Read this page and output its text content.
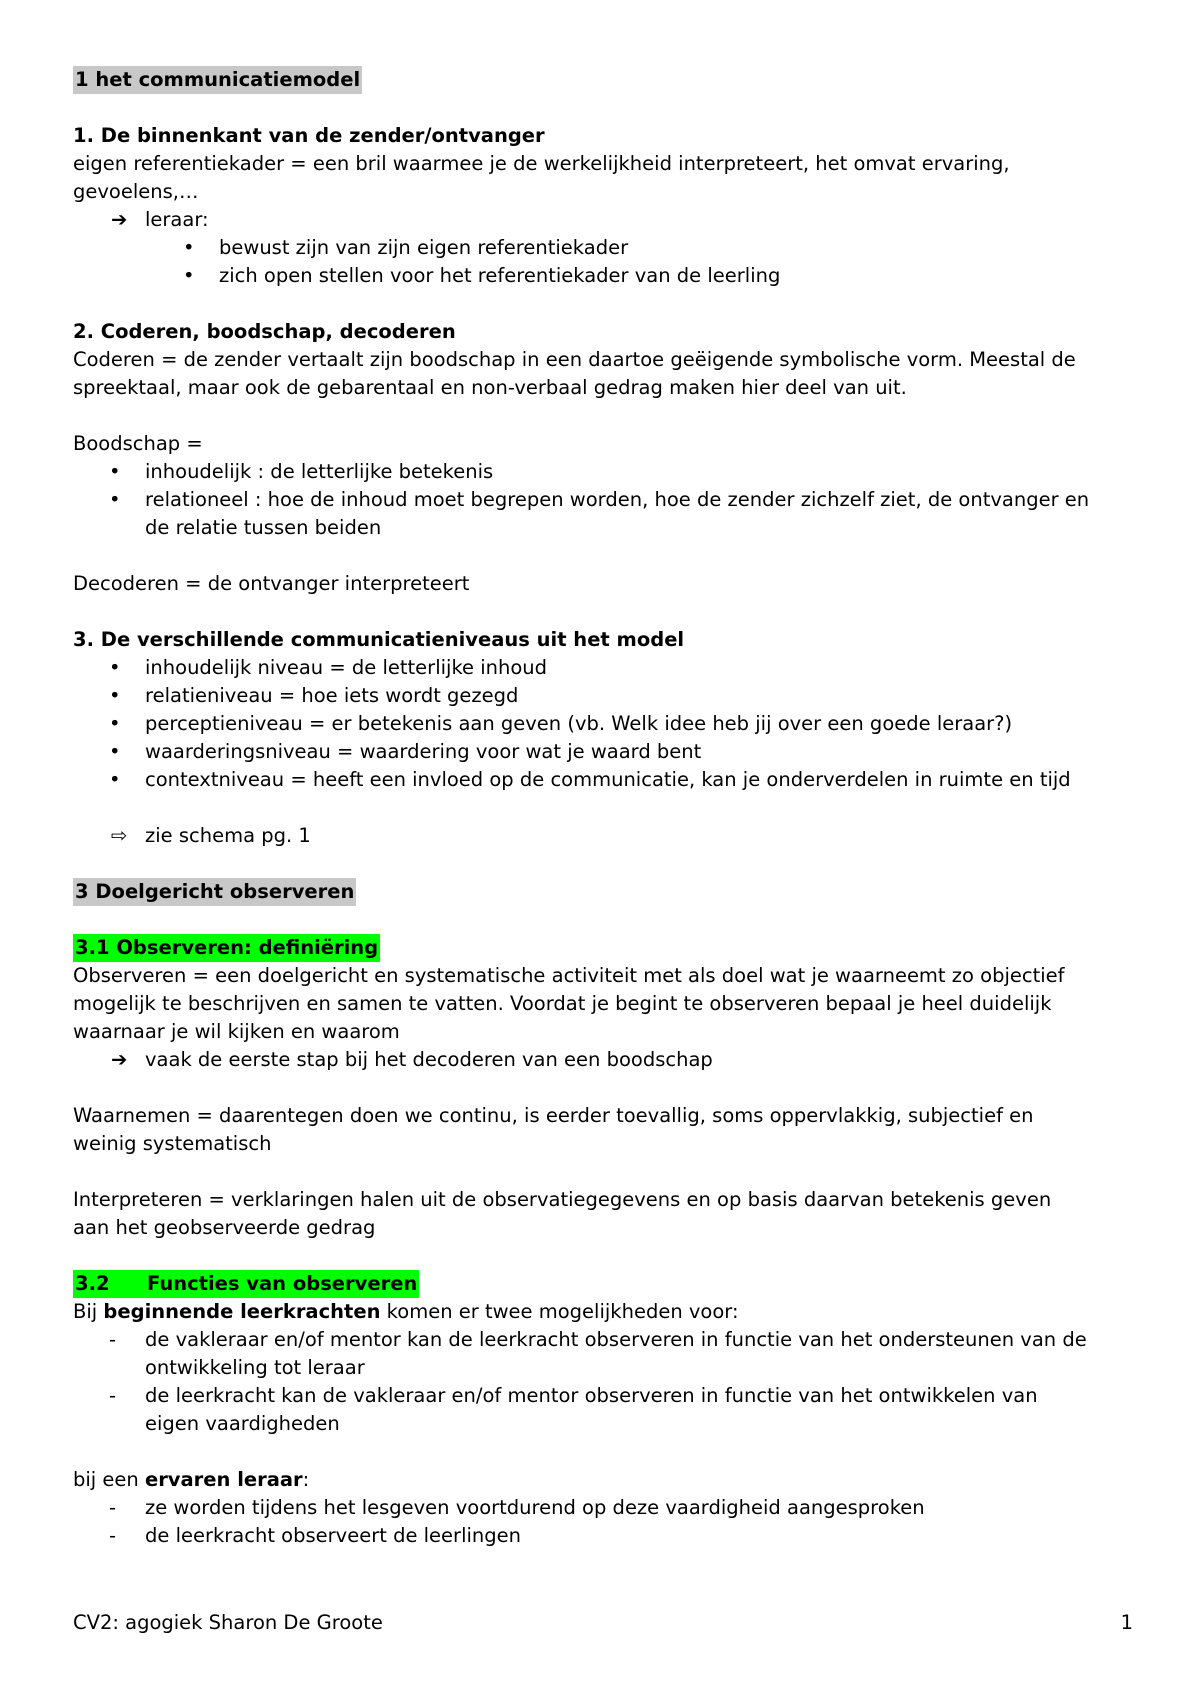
1 het communicatiemodel
1. De binnenkant van de zender/ontvanger
eigen referentiekader = een bril waarmee je de werkelijkheid interpreteert, het omvat ervaring,
gevoelens,…
➔ leraar:
•	bewust zijn van zijn eigen referentiekader
•	zich open stellen voor het referentiekader van de leerling
2. Coderen, boodschap, decoderen
Coderen = de zender vertaalt zijn boodschap in een daartoe geëigende symbolische vorm. Meestal de
spreektaal, maar ook de gebarentaal en non-verbaal gedrag maken hier deel van uit.
Boodschap =
•	inhoudelijk : de letterlijke betekenis
•	relationeel : hoe de inhoud moet begrepen worden, hoe de zender zichzelf ziet, de ontvanger en
de relatie tussen beiden
Decoderen = de ontvanger interpreteert
3. De verschillende communicatieniveaus uit het model
•	inhoudelijk niveau = de letterlijke inhoud
•	relatieniveau = hoe iets wordt gezegd
•	perceptieniveau = er betekenis aan geven (vb. Welk idee heb jij over een goede leraar?)
•	waarderingsniveau = waardering voor wat je waard bent
•	contextniveau = heeft een invloed op de communicatie, kan je onderverdelen in ruimte en tijd
⇨ zie schema pg. 1
3 Doelgericht observeren
3.1 Observeren: definiëring
Observeren = een doelgericht en systematische activiteit met als doel wat je waarneemt zo objectief
mogelijk te beschrijven en samen te vatten. Voordat je begint te observeren bepaal je heel duidelijk
waarnaar je wil kijken en waarom
➔ vaak de eerste stap bij het decoderen van een boodschap
Waarnemen = daarentegen doen we continu, is eerder toevallig, soms oppervlakkig, subjectief en
weinig systematisch
Interpreteren = verklaringen halen uit de observatiegegevens en op basis daarvan betekenis geven
aan het geobserveerde gedrag
3.2 Functies van observeren
Bij beginnende leerkrachten komen er twee mogelijkheden voor:
-	de vakleraar en/of mentor kan de leerkracht observeren in functie van het ondersteunen van de
ontwikkeling tot leraar
-	de leerkracht kan de vakleraar en/of mentor observeren in functie van het ontwikkelen van
eigen vaardigheden
bij een ervaren leraar:
-	ze worden tijdens het lesgeven voortdurend op deze vaardigheid aangesproken
-	de leerkracht observeert de leerlingen
CV2: agogiek Sharon De Groote	1
